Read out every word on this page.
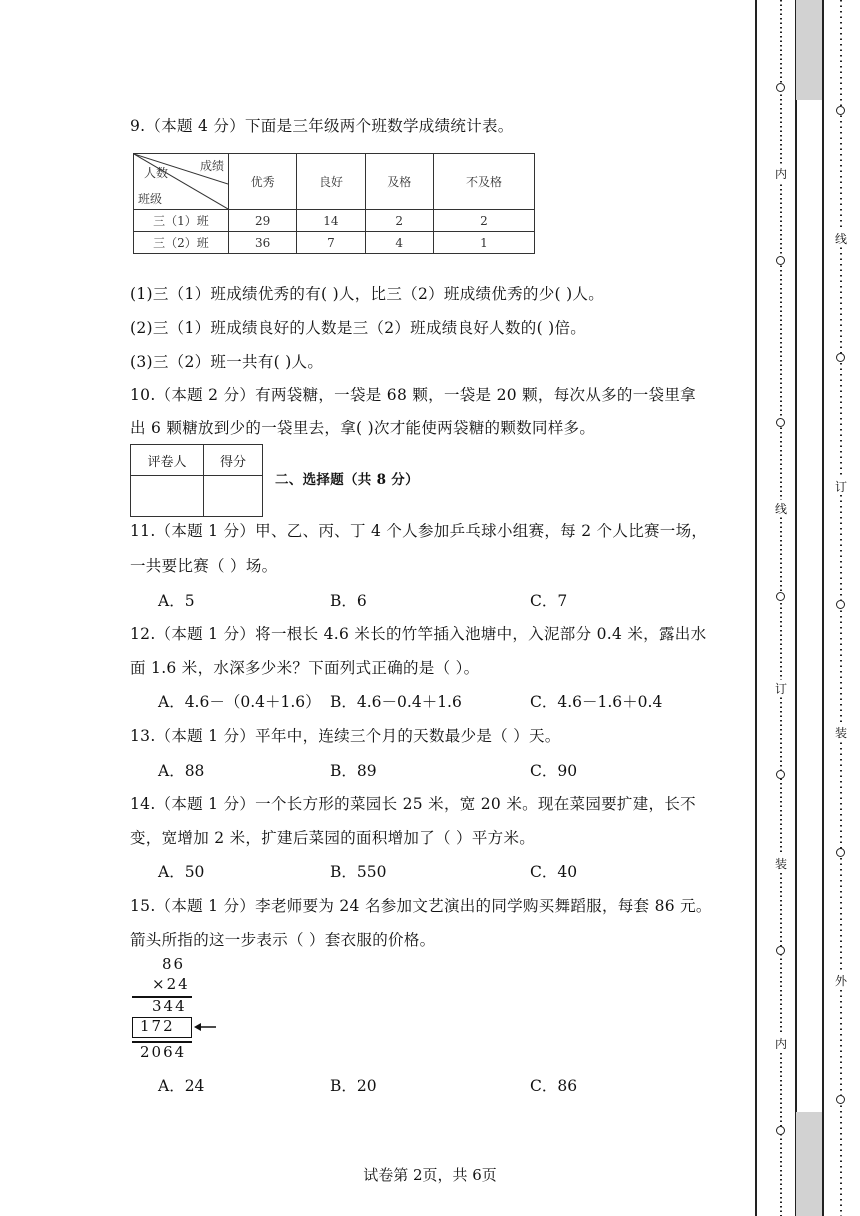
9.（本题 4 分）下面是三年级两个班数学成绩统计表。
成绩
人数
班级	优秀	良好	及格	不及格
三（1）班	29	14	2	2
三（2）班	36	7	4	1
(1)三（1）班成绩优秀的有( )人，比三（2）班成绩优秀的少( )人。
(2)三（1）班成绩良好的人数是三（2）班成绩良好人数的( )倍。
(3)三（2）班一共有( )人。
10.（本题 2 分）有两袋糖，一袋是 68 颗，一袋是 20 颗，每次从多的一袋里拿
出 6 颗糖放到少的一袋里去，拿( )次才能使两袋糖的颗数同样多。
评卷人	得分

二、选择题（共 8 分）
11.（本题 1 分）甲、乙、丙、丁 4 个人参加乒乓球小组赛，每 2 个人比赛一场，
一共要比赛（ ）场。
A．5	B．6	C．7
12.（本题 1 分）将一根长 4.6 米长的竹竿插入池塘中，入泥部分 0.4 米，露出水
面 1.6 米，水深多少米？下面列式正确的是（ ）。
A．4.6－（0.4＋1.6） B．4.6－0.4＋1.6	C．4.6－1.6＋0.4
13.（本题 1 分）平年中，连续三个月的天数最少是（ ）天。
A．88	B．89	C．90
14.（本题 1 分）一个长方形的菜园长 25 米，宽 20 米。现在菜园要扩建，长不
变，宽增加 2 米，扩建后菜园的面积增加了（ ）平方米。
A．50	B．550	C．40
15.（本题 1 分）李老师要为 24 名参加文艺演出的同学购买舞蹈服，每套 86 元。
箭头所指的这一步表示（ ）套衣服的价格。
86
×24
344
172
2064
A．24	B．20	C．86
试卷第 2页，共 6页
内
线
订
装
内
线
订
装
外
